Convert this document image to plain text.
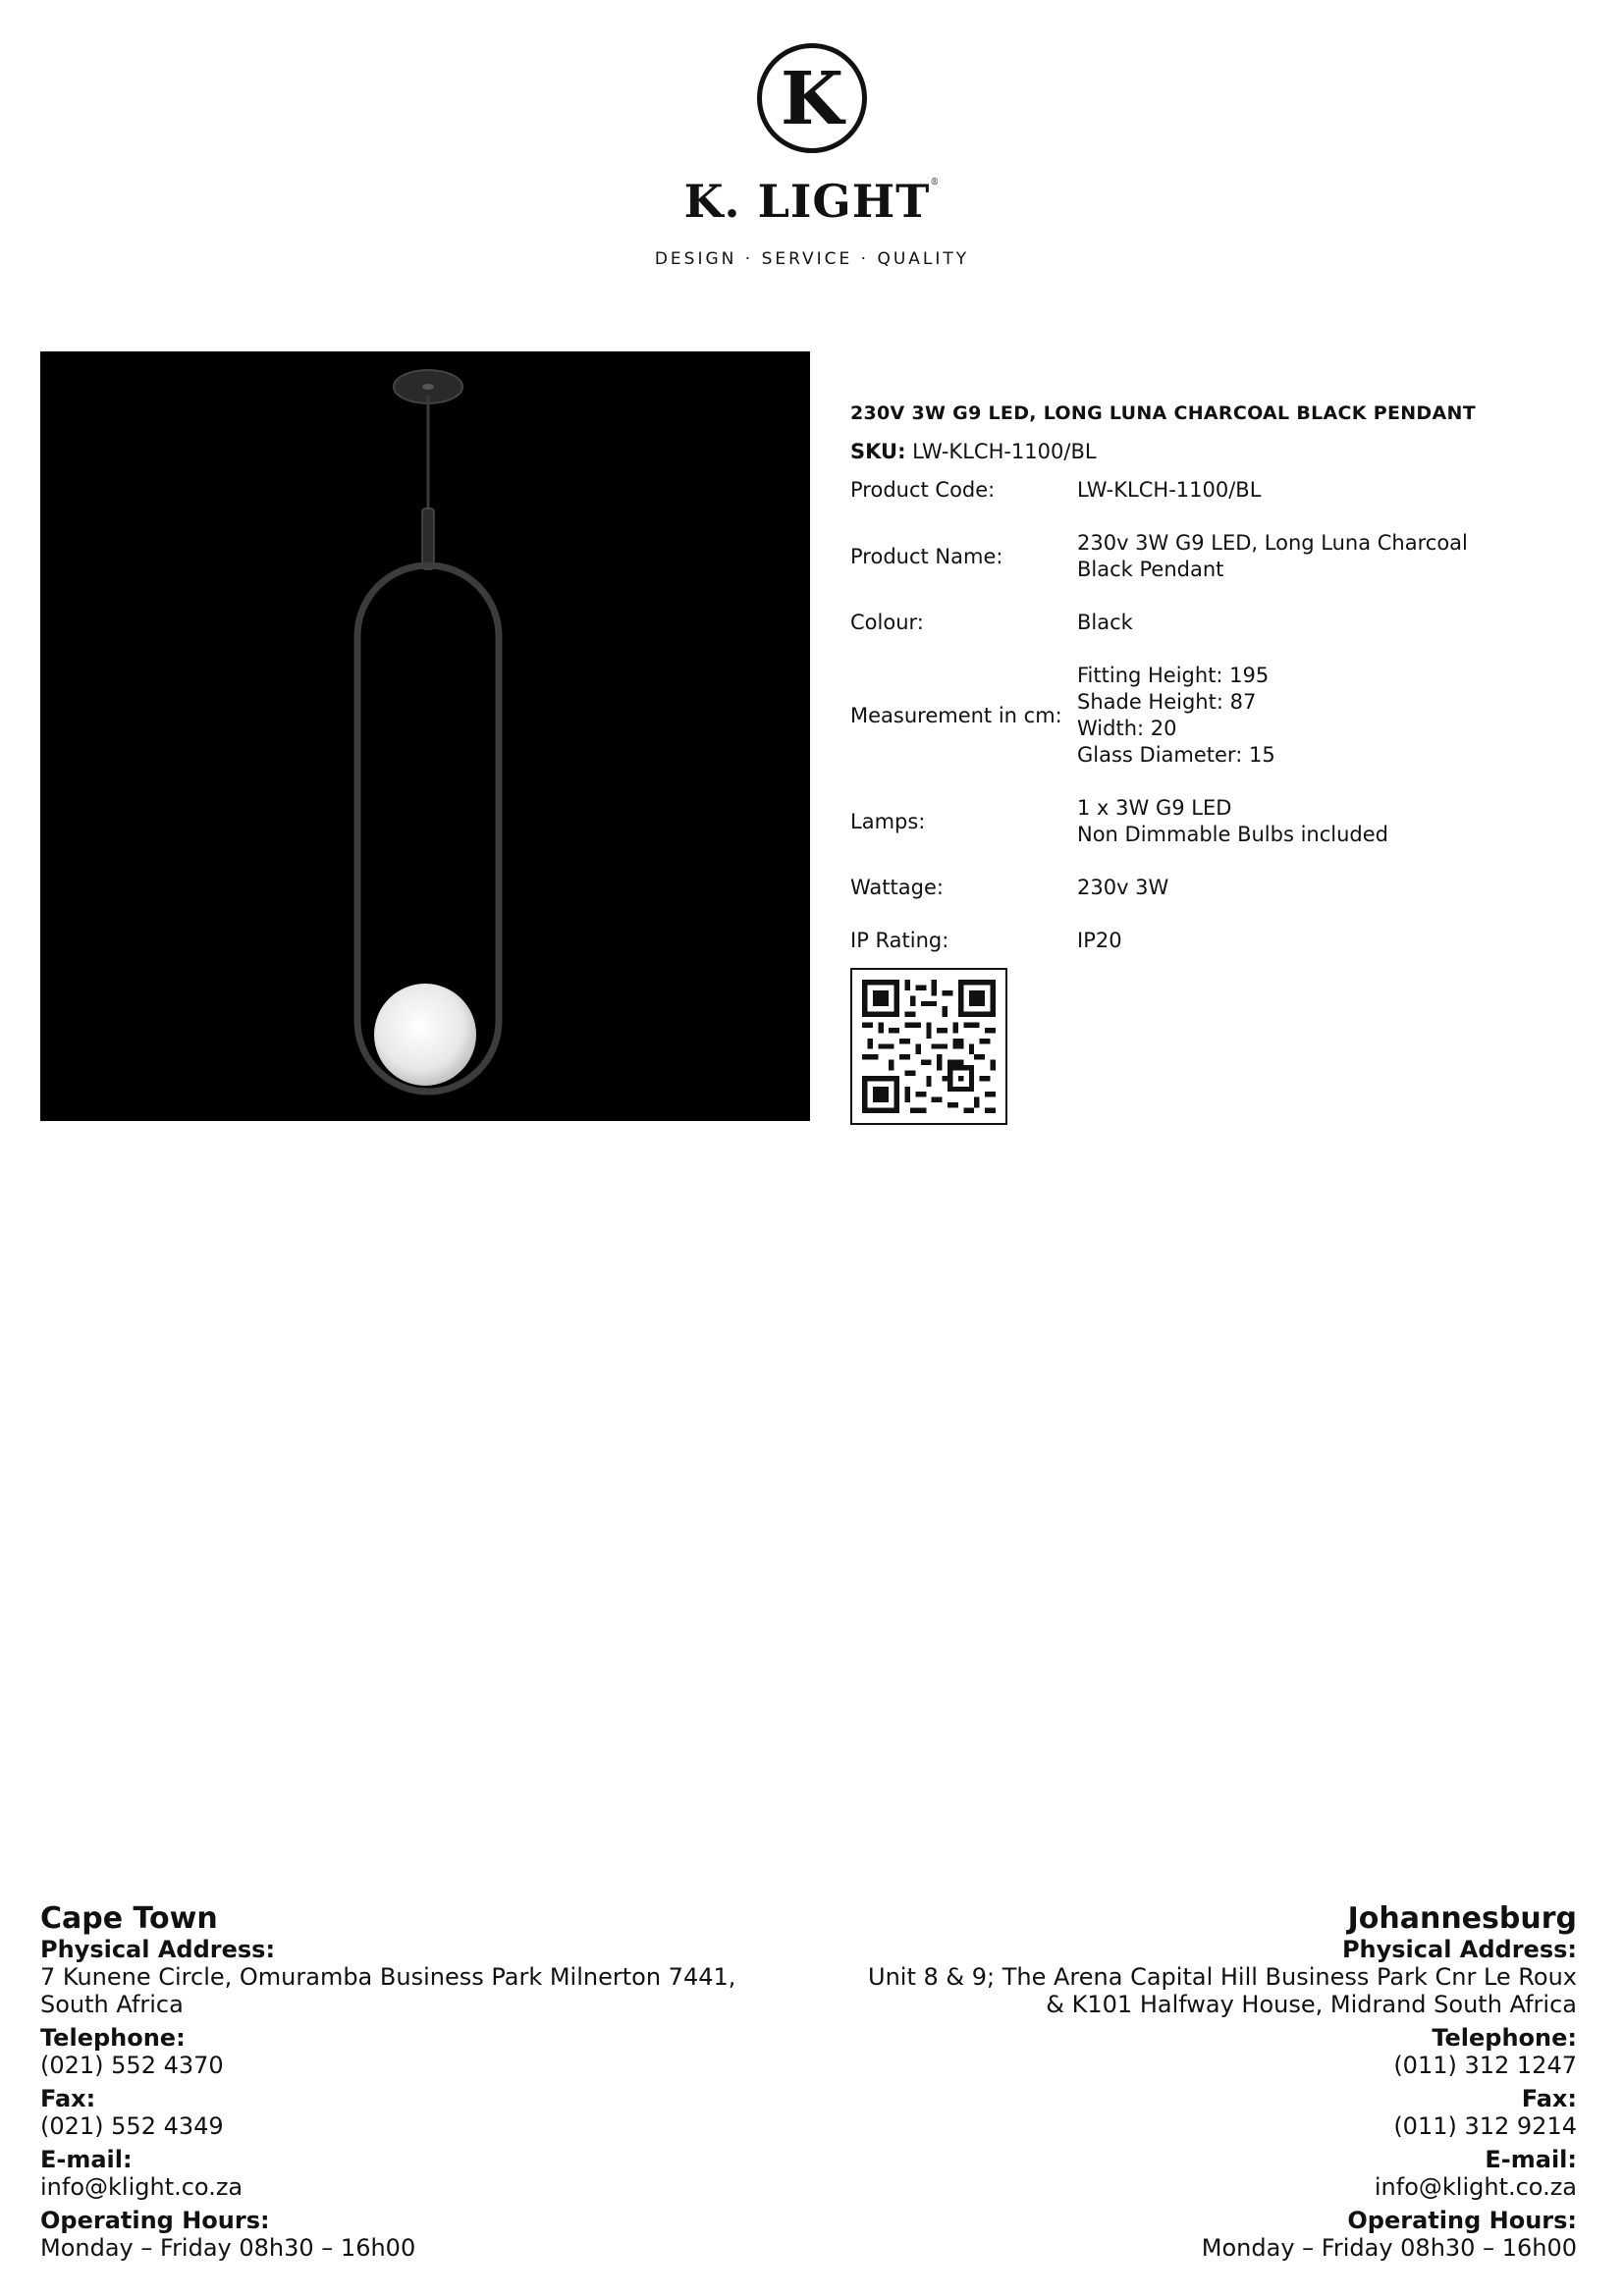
K
K. LIGHT®
DESIGN · SERVICE · QUALITY
230V 3W G9 LED, LONG LUNA CHARCOAL BLACK PENDANT
SKU: LW-KLCH-1100/BL
Product Code:	LW-KLCH-1100/BL
Product Name:
230v 3W G9 LED, Long Luna Charcoal
Black Pendant
Colour:	Black
Measurement in cm:
Fitting Height: 195
Shade Height: 87
Width: 20
Glass Diameter: 15
Lamps:
1 x 3W G9 LED
Non Dimmable Bulbs included
Wattage:	230v 3W
IP Rating:	IP20
Cape Town
Physical Address:
7 Kunene Circle, Omuramba Business Park Milnerton 7441, South Africa
Telephone:
(021) 552 4370
Fax:
(021) 552 4349
E-mail:
info@klight.co.za
Operating Hours:
Monday – Friday 08h30 – 16h00
Johannesburg
Physical Address:
Unit 8 & 9; The Arena Capital Hill Business Park Cnr Le Roux
& K101 Halfway House, Midrand South Africa
Telephone:
(011) 312 1247
Fax:
(011) 312 9214
E-mail:
info@klight.co.za
Operating Hours:
Monday – Friday 08h30 – 16h00
